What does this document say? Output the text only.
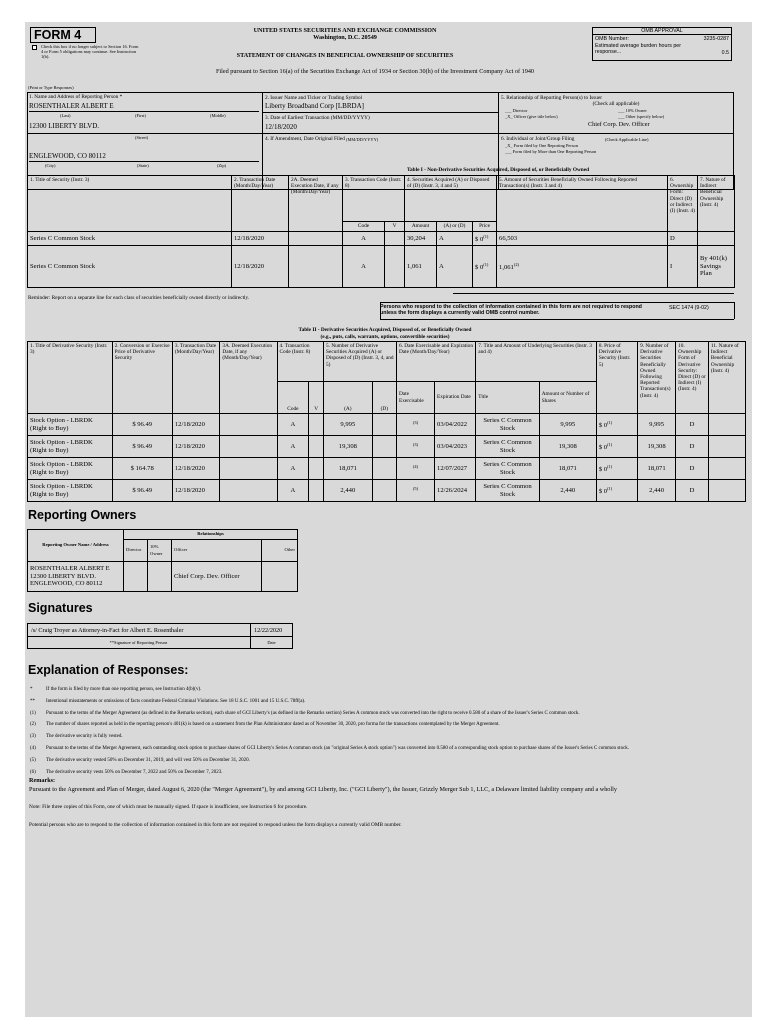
FORM 4
Check this box if no longer subject to Section 16. Form 4 or Form 5 obligations may continue. See Instruction 1(b).
UNITED STATES SECURITIES AND EXCHANGE COMMISSION
Washington, D.C. 20549
STATEMENT OF CHANGES IN BENEFICIAL OWNERSHIP OF SECURITIES
Filed pursuant to Section 16(a) of the Securities Exchange Act of 1934 or Section 30(h) of the Investment Company Act of 1940
OMB APPROVAL
OMB Number:	3235-0287
Estimated average burden hours per response...	0.5
(Print or Type Responses)
1. Name and Address of Reporting Person *
ROSENTHALER ALBERT E
(Last)	(First)	(Middle)
12300 LIBERTY BLVD.
(Street)
ENGLEWOOD, CO 80112
(City)	(State)	(Zip)
2. Issuer Name and Ticker or Trading Symbol
Liberty Broadband Corp [LBRDA]
3. Date of Earliest Transaction (MM/DD/YYYY)
12/18/2020
4. If Amendment, Date Original Filed (MM/DD/YYYY)
5. Relationship of Reporting Person(s) to Issuer
(Check all applicable)
___ Director	___ 10% Owner
_X_ Officer (give title below)	___ Other (specify below)
Chief Corp. Dev. Officer
6. Individual or Joint/Group Filing	(Check Applicable Line)
_X_ Form filed by One Reporting Person
___ Form filed by More than One Reporting Person
Table I - Non-Derivative Securities Acquired, Disposed of, or Beneficially Owned
1. Title of Security (Instr. 3)	2. Transaction Date (Month/Day/Year)	2A. Deemed Execution Date, if any (Month/Day/Year)	3. Transaction Code (Instr. 8)		4. Securities Acquired (A) or Disposed of (D) (Instr. 3, 4 and 5)			5. Amount of Securities Beneficially Owned Following Reported Transaction(s) (Instr. 3 and 4)	6. Ownership Form: Direct (D) or Indirect (I) (Instr. 4)	7. Nature of Indirect Beneficial Ownership (Instr. 4)
			Code	V	Amount	(A) or (D)	Price			
Series C Common Stock	12/18/2020		A		30,204	A	$ 0$^{(1)}$	66,503	D	
Series C Common Stock	12/18/2020		A		1,061	A	$ 0$^{(1)}$	1,061$^{(2)}$	I	By 401(k) Savings Plan
Reminder: Report on a separate line for each class of securities beneficially owned directly or indirectly.
Persons who respond to the collection of information contained in this form are not required to respond unless the form displays a currently valid OMB control number.
SEC 1474 (9-02)
Table II - Derivative Securities Acquired, Disposed of, or Beneficially Owned
(e.g., puts, calls, warrants, options, convertible securities)
1. Title of Derivative Security (Instr. 3)	2. Conversion or Exercise Price of Derivative Security	3. Transaction Date (Month/Day/Year)	3A. Deemed Execution Date, if any (Month/Day/Year)	4. Transaction Code (Instr. 8)		5. Number of Derivative Securities Acquired (A) or Disposed of (D) (Instr. 3, 4, and 5)		6. Date Exercisable and Expiration Date (Month/Day/Year)		7. Title and Amount of Underlying Securities (Instr. 3 and 4)		8. Price of Derivative Security (Instr. 5)	9. Number of Derivative Securities Beneficially Owned Following Reported Transaction(s) (Instr. 4)	10. Ownership Form of Derivative Security: Direct (D) or Indirect (I) (Instr. 4)	11. Nature of Indirect Beneficial Ownership (Instr. 4)
				Code	V	(A)	(D)	Date Exercisable	Expiration Date	Title	Amount or Number of Shares				
Stock Option - LBRDK (Right to Buy)	$ 96.49	12/18/2020		A		9,995		$^{(3)}$	03/04/2022	Series C Common Stock	9,995	$ 0$^{(1)}$	9,995	D	
Stock Option - LBRDK (Right to Buy)	$ 96.49	12/18/2020		A		19,308		$^{(3)}$	03/04/2023	Series C Common Stock	19,308	$ 0$^{(1)}$	19,308	D	
Stock Option - LBRDK (Right to Buy)	$ 164.78	12/18/2020		A		18,071		$^{(4)}$	12/07/2027	Series C Common Stock	18,071	$ 0$^{(1)}$	18,071	D	
Stock Option - LBRDK (Right to Buy)	$ 96.49	12/18/2020		A		2,440		$^{(5)}$	12/26/2024	Series C Common Stock	2,440	$ 0$^{(1)}$	2,440	D	
Reporting Owners
Reporting Owner Name / Address	Relationships			
	Director	10% Owner	Officer	Other

ROSENTHALER ALBERT E
12300 LIBERTY BLVD.
ENGLEWOOD, CO 80112			Chief Corp. Dev. Officer	
Signatures
/s/ Craig Troyer as Attorney-in-Fact for Albert E. Rosenthaler	12/22/2020
**Signature of Reporting Person	Date
Explanation of Responses:
*	If the form is filed by more than one reporting person, see Instruction 4(b)(v).
** Intentional misstatements or omissions of facts constitute Federal Criminal Violations. See 18 U.S.C. 1001 and 15 U.S.C. 78ff(a).
(1) Pursuant to the terms of the Merger Agreement (as defined in the Remarks section), each share of GCI Liberty's (as defined in the Remarks section) Series A common stock was converted into the right to receive 0.580 of a share of the Issuer's Series C common stock.
(2) The number of shares reported as held in the reporting person's 401(k) is based on a statement from the Plan Administrator dated as of November 30, 2020, pro forma for the transactions contemplated by the Merger Agreement.
(3) The derivative security is fully vested.
(4) Pursuant to the terms of the Merger Agreement, each outstanding stock option to purchase shares of GCI Liberty's Series A common stock (an "original Series A stock option") was converted into 0.580 of a corresponding stock option to purchase shares of the Issuer's Series C common stock.
(5) The derivative security vested 50% on December 31, 2019, and will vest 50% on December 31, 2020.
(6) The derivative security vests 50% on December 7, 2022 and 50% on December 7, 2023.
Remarks:
Pursuant to the Agreement and Plan of Merger, dated August 6, 2020 (the "Merger Agreement"), by and among GCI Liberty, Inc. ("GCI Liberty"), the Issuer, Grizzly Merger Sub 1, LLC, a Delaware limited liability company and a wholly
Note: File three copies of this Form, one of which must be manually signed. If space is insufficient, see Instruction 6 for procedure.
Potential persons who are to respond to the collection of information contained in this form are not required to respond unless the form displays a currently valid OMB number.
